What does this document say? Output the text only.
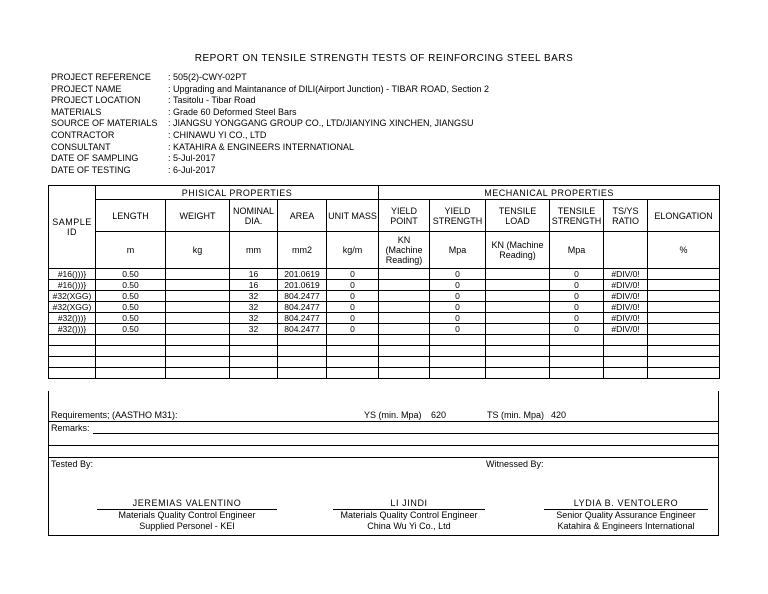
REPORT ON TENSILE STRENGTH TESTS OF REINFORCING STEEL BARS
PROJECT REFERENCE	: 505(2)-CWY-02PT
PROJECT NAME	: Upgrading and Maintanance of DILI(Airport Junction) - TIBAR ROAD, Section 2
PROJECT LOCATION	: Tasitolu - Tibar Road
MATERIALS	: Grade 60 Deformed Steel Bars
SOURCE OF MATERIALS	: JIANGSU YONGGANG GROUP CO., LTD/JIANYING XINCHEN, JIANGSU
CONTRACTOR	: CHINAWU YI CO., LTD
CONSULTANT	: KATAHIRA & ENGINEERS INTERNATIONAL
DATE OF SAMPLING	: 5-Jul-2017
DATE OF TESTING	: 6-Jul-2017
SAMPLE ID	PHISICAL PROPERTIES					MECHANICAL PROPERTIES					
	LENGTH	WEIGHT	NOMINAL DIA.	AREA	UNIT MASS	YIELD POINT	YIELD STRENGTH	TENSILE LOAD	TENSILE STRENGTH	TS/YS RATIO	ELONGATION
	m	kg	mm	mm2	kg/m	KN (Machine Reading)	Mpa	KN (Machine Reading)	Mpa		%
#16()))}	0.50		16	201.0619	0		0		0	#DIV/0!	
#16()))}	0.50		16	201.0619	0		0		0	#DIV/0!	
#32(XGG)	0.50		32	804.2477	0		0		0	#DIV/0!	
#32(XGG)	0.50		32	804.2477	0		0		0	#DIV/0!	
#32()))}	0.50		32	804.2477	0		0		0	#DIV/0!	
#32()))}	0.50		32	804.2477	0		0		0	#DIV/0!	

Requirements; (AASTHO M31):	YS (min. Mpa) 620	TS (min. Mpa) 420
Remarks:
Tested By:	Witnessed By:
JEREMIAS VALENTINO
Materials Quality Control Engineer
Supplied Personel - KEI
LI JINDI
Materials Quality Control Engineer
China Wu Yi Co., Ltd
LYDIA B. VENTOLERO
Senior Quality Assurance Engineer
Katahira & Engineers International
